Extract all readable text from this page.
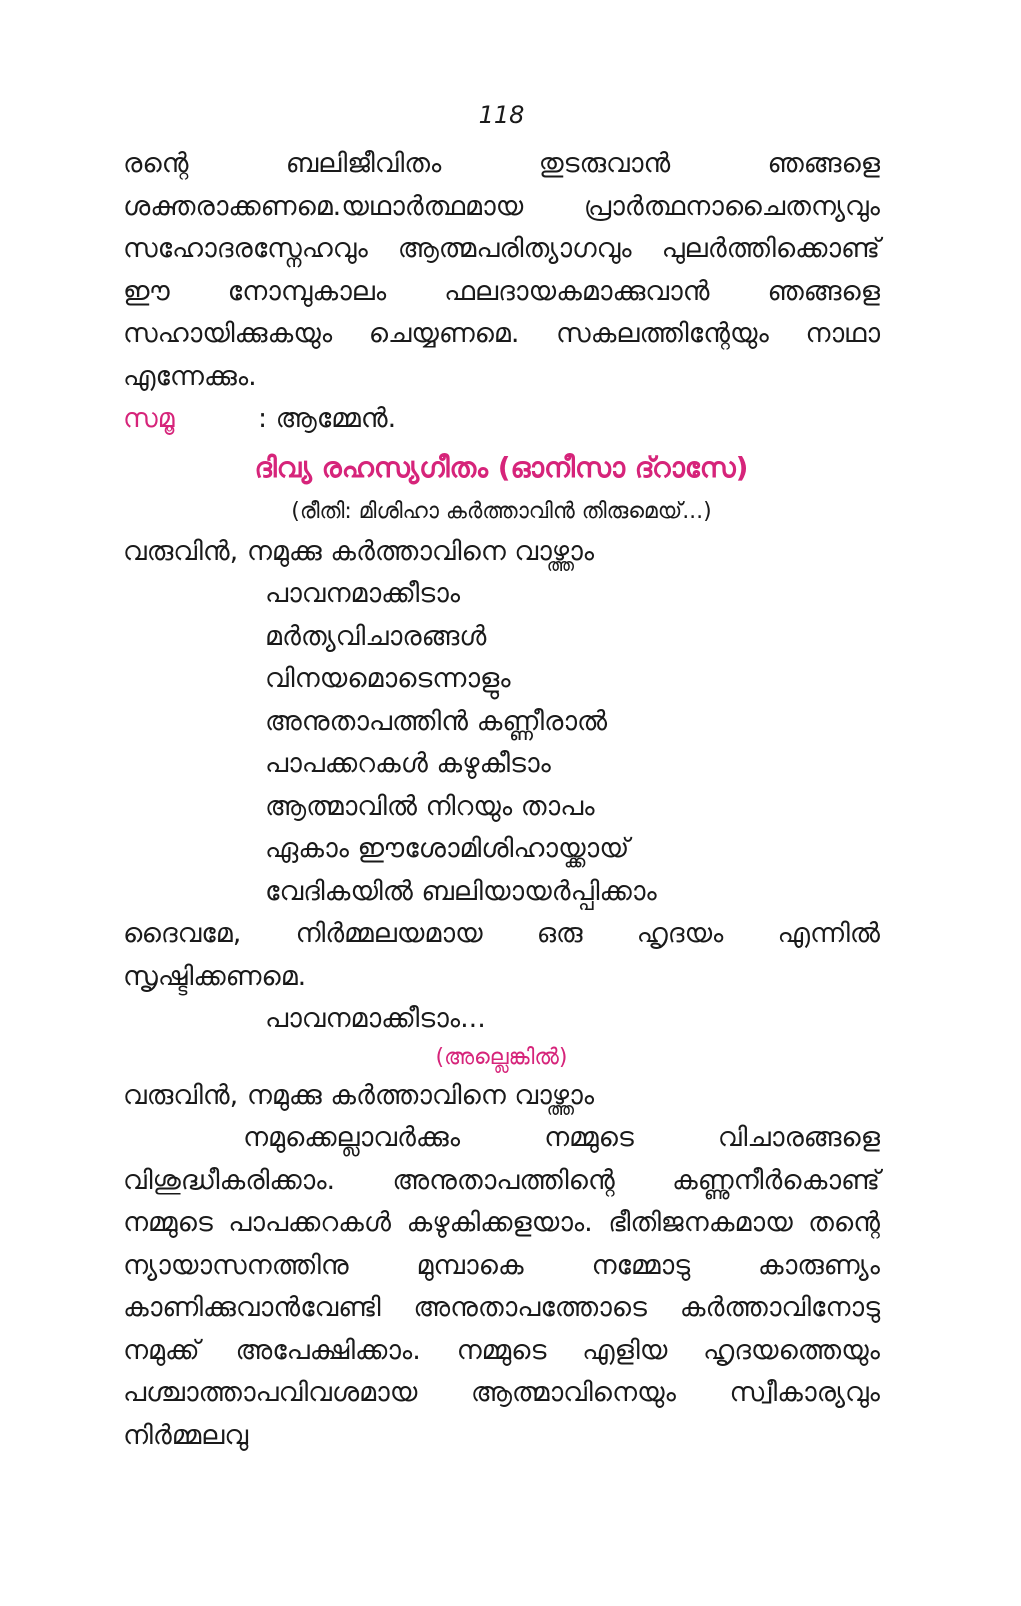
118

രന്റെ ബലിജീവിതം തുടരുവാൻ ഞങ്ങളെ ശക്തരാക്കണമെ.യഥാർത്ഥമായ പ്രാർത്ഥനാചൈതന്യവും സഹോദരസ്നേഹവും ആത്മപരിത്യാഗവും പുലർത്തിക്കൊണ്ട് ഈ നോമ്പുകാലം ഫലദായകമാക്കുവാൻ ഞങ്ങളെ സഹായിക്കുകയും ചെയ്യണമെ. സകലത്തിന്റേയും നാഥാ എന്നേക്കും.

സമൂ	: ആമ്മേൻ.
ദിവ്യ രഹസ്യഗീതം (ഓനീസാ ദ്റാസേ)
(രീതി: മിശിഹാ കർത്താവിൻ തിരുമെയ്...)
വരുവിൻ, നമുക്കു കർത്താവിനെ വാഴ്ത്താം
പാവനമാക്കീടാം
മർത്യവിചാരങ്ങൾ
വിനയമൊടെന്നാളും
അനുതാപത്തിൻ കണ്ണീരാൽ
പാപക്കറകൾ കഴുകീടാം
ആത്മാവിൽ നിറയും താപം
ഏകാം ഈശോമിശിഹായ്ക്കായ്
വേദികയിൽ ബലിയായർപ്പിക്കാം

ദൈവമേ, നിർമ്മലയമായ ഒരു ഹൃദയം എന്നിൽ സൃഷ്ടിക്കണമെ.

പാവനമാക്കീടാം...
(അല്ലെങ്കിൽ)
വരുവിൻ, നമുക്കു കർത്താവിനെ വാഴ്ത്താം

നമുക്കെല്ലാവർക്കും നമ്മുടെ വിചാരങ്ങളെ വിശുദ്ധീകരിക്കാം. അനുതാപത്തിന്റെ കണ്ണുനീർകൊണ്ട് നമ്മുടെ പാപക്കറകൾ കഴുകിക്കളയാം. ഭീതിജനകമായ തന്റെ ന്യായാസനത്തിനു മുമ്പാകെ നമ്മോടു കാരുണ്യം കാണിക്കുവാൻവേണ്ടി അനുതാപത്തോടെ കർത്താവിനോടു നമുക്ക് അപേക്ഷിക്കാം. നമ്മുടെ എളിയ ഹൃദയത്തെയും പശ്ചാത്താപവിവശമായ ആത്മാവിനെയും സ്വീകാര്യവും നിർമ്മലവു
